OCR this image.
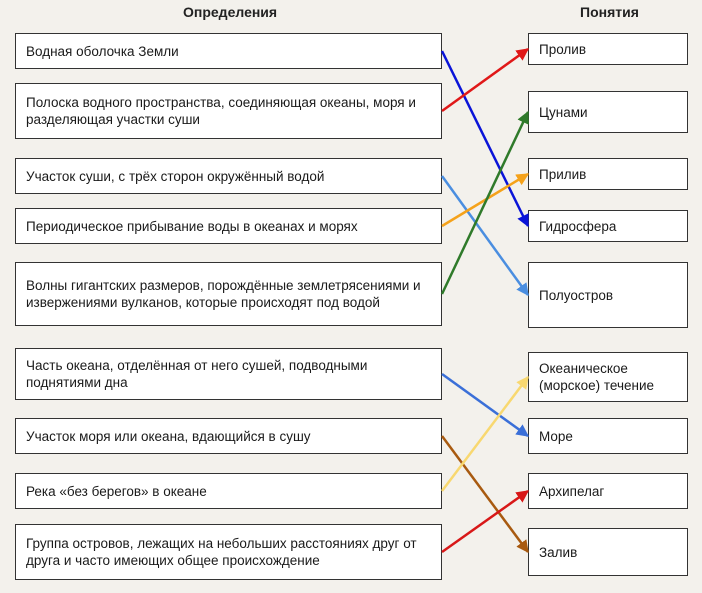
Определения	Понятия
Водная оболочка Земли
Полоска водного пространства, соединяющая океаны, моря и разделяющая участки суши
Участок суши, с трёх сторон окружённый водой
Периодическое прибывание воды в океанах и морях
Волны гигантских размеров, порождённые землетрясениями и извержениями вулканов, которые происходят под водой
Часть океана, отделённая от него сушей, подводными поднятиями дна
Участок моря или океана, вдающийся в сушу
Река «без берегов» в океане
Группа островов, лежащих на небольших расстояниях друг от друга и часто имеющих общее происхождение
Пролив
Цунами
Прилив
Гидросфера
Полуостров
Океаническое (морское) течение
Море
Архипелаг
Залив
